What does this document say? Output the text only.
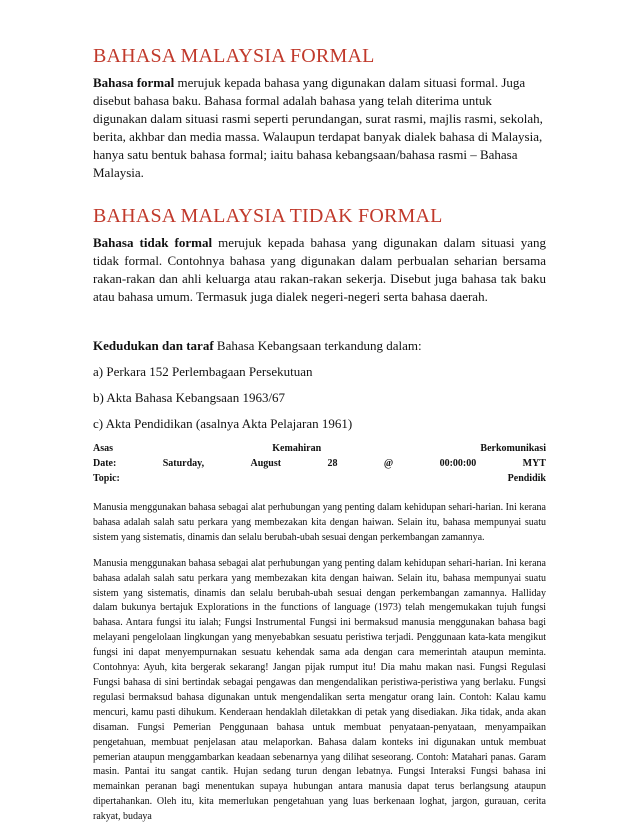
BAHASA MALAYSIA FORMAL

Bahasa formal merujuk kepada bahasa yang digunakan dalam situasi formal. Juga disebut bahasa baku. Bahasa formal adalah bahasa yang telah diterima untuk digunakan dalam situasi rasmi seperti perundangan, surat rasmi, majlis rasmi, sekolah, berita, akhbar dan media massa. Walaupun terdapat banyak dialek bahasa di Malaysia, hanya satu bentuk bahasa formal; iaitu bahasa kebangsaan/bahasa rasmi – Bahasa Malaysia.

BAHASA MALAYSIA TIDAK FORMAL

Bahasa tidak formal merujuk kepada bahasa yang digunakan dalam situasi yang tidak formal. Contohnya bahasa yang digunakan dalam perbualan seharian bersama rakan-rakan dan ahli keluarga atau rakan-rakan sekerja. Disebut juga bahasa tak baku atau bahasa umum. Termasuk juga dialek negeri-negeri serta bahasa daerah.

Kedudukan dan taraf Bahasa Kebangsaan terkandung dalam:

a) Perkara 152 Perlembagaan Persekutuan

b) Akta Bahasa Kebangsaan 1963/67

c) Akta Pendidikan (asalnya Akta Pelajaran 1961)

Asas	Kemahiran	Berkomunikasi
Date:	Saturday,	August	28	@	00:00:00	MYT
Topic:	Pendidik

Manusia menggunakan bahasa sebagai alat perhubungan yang penting dalam kehidupan sehari-harian. Ini kerana bahasa adalah salah satu perkara yang membezakan kita dengan haiwan. Selain itu, bahasa mempunyai suatu sistem yang sistematis, dinamis dan selalu berubah-ubah sesuai dengan perkembangan zamannya.

Manusia menggunakan bahasa sebagai alat perhubungan yang penting dalam kehidupan sehari-harian. Ini kerana bahasa adalah salah satu perkara yang membezakan kita dengan haiwan. Selain itu, bahasa mempunyai suatu sistem yang sistematis, dinamis dan selalu berubah-ubah sesuai dengan perkembangan zamannya. Halliday dalam bukunya bertajuk Explorations in the functions of language (1973) telah mengemukakan tujuh fungsi bahasa. Antara fungsi itu ialah; Fungsi Instrumental Fungsi ini bermaksud manusia menggunakan bahasa bagi melayani pengelolaan lingkungan yang menyebabkan sesuatu peristiwa terjadi. Penggunaan kata-kata mengikut fungsi ini dapat menyempurnakan sesuatu kehendak sama ada dengan cara memerintah ataupun meminta. Contohnya: Ayuh, kita bergerak sekarang! Jangan pijak rumput itu! Dia mahu makan nasi. Fungsi Regulasi Fungsi bahasa di sini bertindak sebagai pengawas dan mengendalikan peristiwa-peristiwa yang berlaku. Fungsi regulasi bermaksud bahasa digunakan untuk mengendalikan serta mengatur orang lain. Contoh: Kalau kamu mencuri, kamu pasti dihukum. Kenderaan hendaklah diletakkan di petak yang disediakan. Jika tidak, anda akan disaman. Fungsi Pemerian Penggunaan bahasa untuk membuat penyataan-penyataan, menyampaikan pengetahuan, membuat penjelasan atau melaporkan. Bahasa dalam konteks ini digunakan untuk membuat pemerian ataupun menggambarkan keadaan sebenarnya yang dilihat seseorang. Contoh: Matahari panas. Garam masin. Pantai itu sangat cantik. Hujan sedang turun dengan lebatnya. Fungsi Interaksi Fungsi bahasa ini memainkan peranan bagi menentukan supaya hubungan antara manusia dapat terus berlangsung ataupun dipertahankan. Oleh itu, kita memerlukan pengetahuan yang luas berkenaan loghat, jargon, gurauan, cerita rakyat, budaya
